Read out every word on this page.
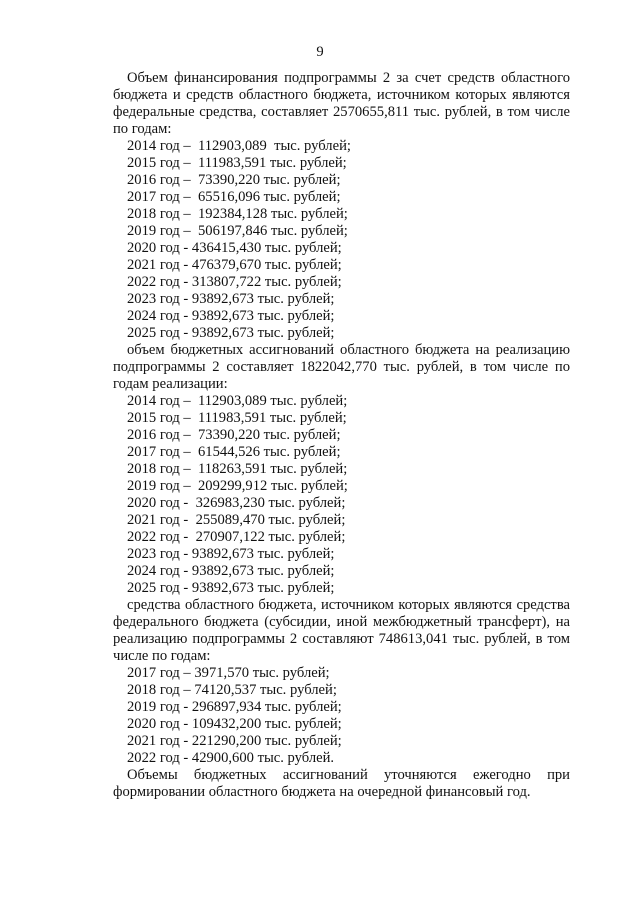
9
Объем финансирования подпрограммы 2 за счет средств областного бюджета и средств областного бюджета, источником которых являются федеральные средства, составляет 2570655,811 тыс. рублей, в том числе по годам:
2014 год –  112903,089  тыс. рублей;
2015 год –  111983,591 тыс. рублей;
2016 год –  73390,220 тыс. рублей;
2017 год –  65516,096 тыс. рублей;
2018 год –  192384,128 тыс. рублей;
2019 год –  506197,846 тыс. рублей;
2020 год - 436415,430 тыс. рублей;
2021 год - 476379,670 тыс. рублей;
2022 год - 313807,722 тыс. рублей;
2023 год - 93892,673 тыс. рублей;
2024 год - 93892,673 тыс. рублей;
2025 год - 93892,673 тыс. рублей;
объем бюджетных ассигнований областного бюджета на реализацию подпрограммы 2 составляет 1822042,770 тыс. рублей, в том числе по годам реализации:
2014 год –  112903,089 тыс. рублей;
2015 год –  111983,591 тыс. рублей;
2016 год –  73390,220 тыс. рублей;
2017 год –  61544,526 тыс. рублей;
2018 год –  118263,591 тыс. рублей;
2019 год –  209299,912 тыс. рублей;
2020 год -  326983,230 тыс. рублей;
2021 год -  255089,470 тыс. рублей;
2022 год -  270907,122 тыс. рублей;
2023 год - 93892,673 тыс. рублей;
2024 год - 93892,673 тыс. рублей;
2025 год - 93892,673 тыс. рублей;
средства областного бюджета, источником которых являются средства федерального бюджета (субсидии, иной межбюджетный трансферт), на реализацию подпрограммы 2 составляют 748613,041 тыс. рублей, в том числе по годам:
2017 год – 3971,570 тыс. рублей;
2018 год – 74120,537 тыс. рублей;
2019 год - 296897,934 тыс. рублей;
2020 год - 109432,200 тыс. рублей;
2021 год - 221290,200 тыс. рублей;
2022 год - 42900,600 тыс. рублей.
Объемы бюджетных ассигнований уточняются ежегодно при формировании областного бюджета на очередной финансовый год.
